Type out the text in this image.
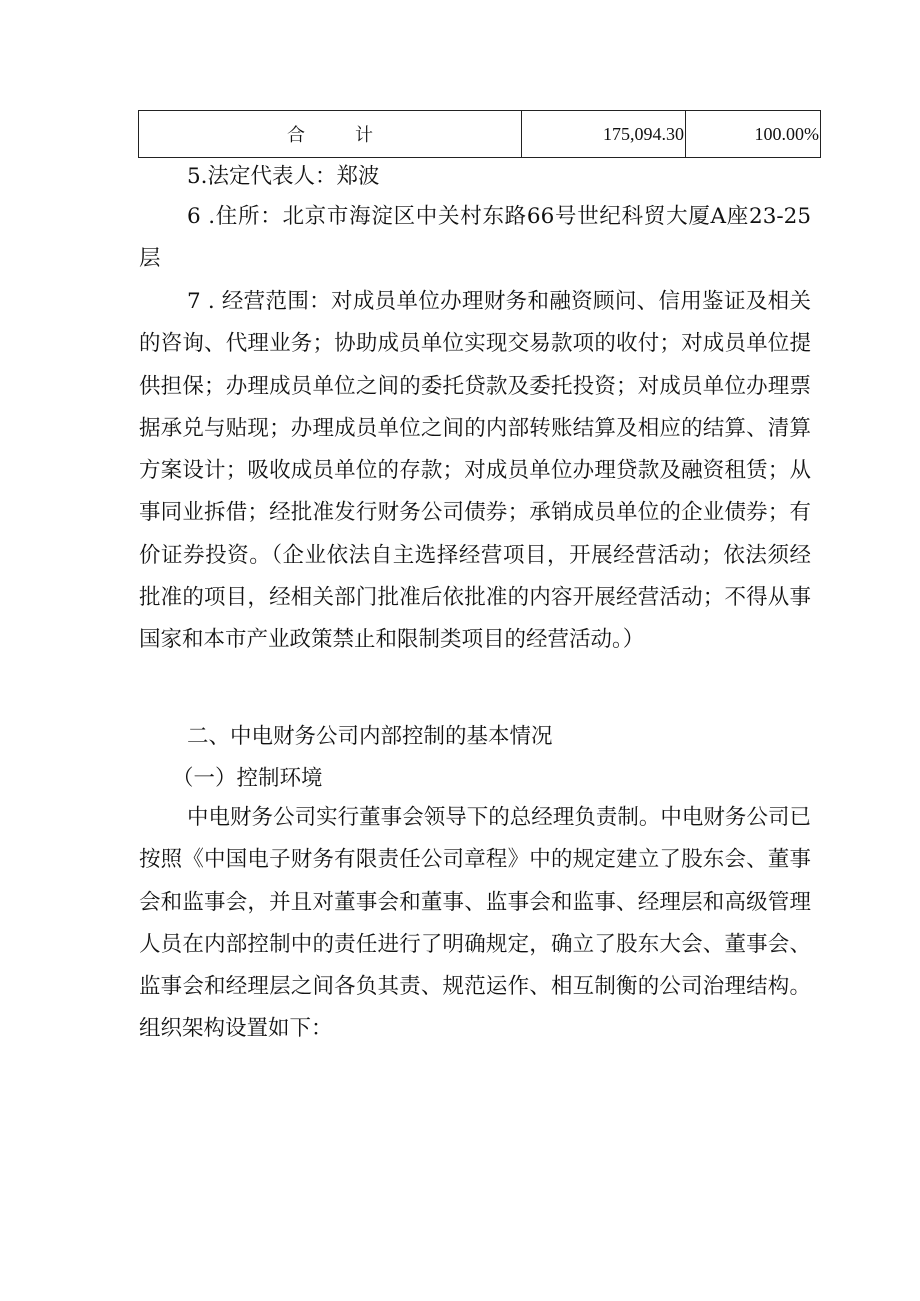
合计	175,094.30	100.00%

5.法定代表人：郑波

6 .住所：北京市海淀区中关村东路66号世纪科贸大厦A座23-25层

7 . 经营范围：对成员单位办理财务和融资顾问、信用鉴证及相关的咨询、代理业务；协助成员单位实现交易款项的收付；对成员单位提供担保；办理成员单位之间的委托贷款及委托投资；对成员单位办理票据承兑与贴现；办理成员单位之间的内部转账结算及相应的结算、清算方案设计；吸收成员单位的存款；对成员单位办理贷款及融资租赁；从事同业拆借；经批准发行财务公司债券；承销成员单位的企业债券；有价证券投资。（企业依法自主选择经营项目，开展经营活动；依法须经批准的项目，经相关部门批准后依批准的内容开展经营活动；不得从事国家和本市产业政策禁止和限制类项目的经营活动。）

二、中电财务公司内部控制的基本情况

（一）控制环境

中电财务公司实行董事会领导下的总经理负责制。中电财务公司已按照《中国电子财务有限责任公司章程》中的规定建立了股东会、董事会和监事会，并且对董事会和董事、监事会和监事、经理层和高级管理人员在内部控制中的责任进行了明确规定，确立了股东大会、董事会、监事会和经理层之间各负其责、规范运作、相互制衡的公司治理结构。组织架构设置如下：
